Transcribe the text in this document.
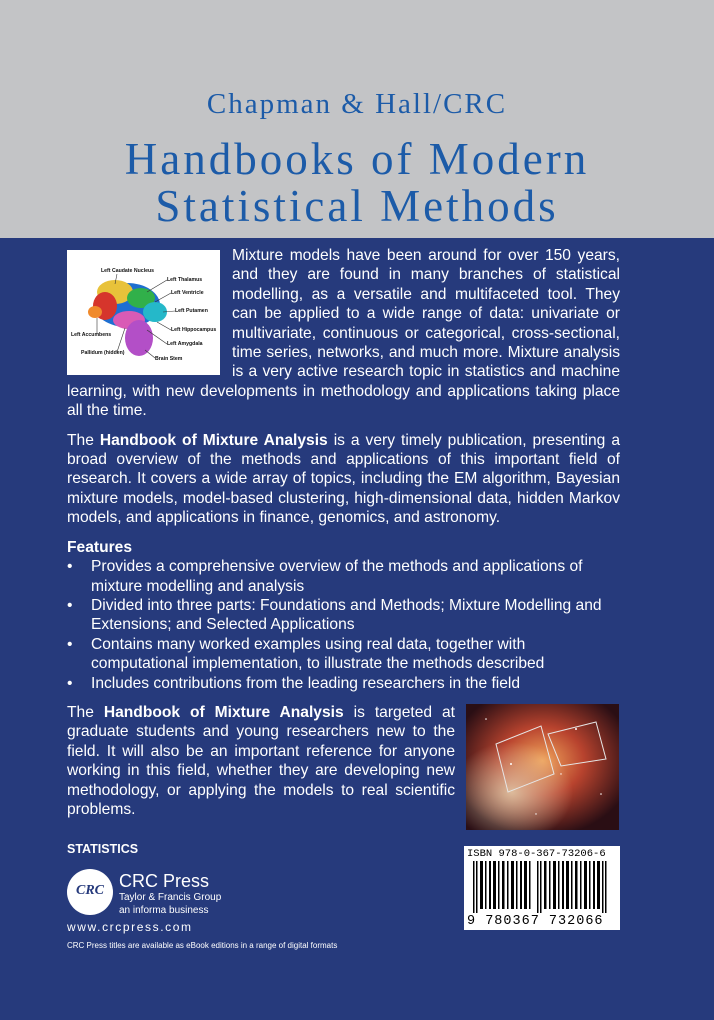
Chapman & Hall/CRC
Handbooks of Modern
Statistical Methods
Left Caudate Nucleus
Left Thalamus
Left Ventricle
Left Putamen
Left Hippocampus
Left Accumbens
Left Amygdala
Pallidum (hidden)
Brain Stem

Mixture models have been around for over 150 years, and they are found in many branches of statistical modelling, as a versatile and multifaceted tool. They can be applied to a wide range of data: univariate or multivariate, continuous or categorical, cross-sectional, time series, networks, and much more. Mixture analysis is a very active research topic in statistics and machine learning, with new developments in methodology and applications taking place all the time.

The Handbook of Mixture Analysis is a very timely publication, presenting a broad overview of the methods and applications of this important field of research. It covers a wide array of topics, including the EM algorithm, Bayesian mixture models, model-based clustering, high-dimensional data, hidden Markov models, and applications in finance, genomics, and astronomy.

Features
• Provides a comprehensive overview of the methods and applications of mixture modelling and analysis
• Divided into three parts: Foundations and Methods; Mixture Modelling and Extensions; and Selected Applications
• Contains many worked examples using real data, together with computational implementation, to illustrate the methods described
• Includes contributions from the leading researchers in the field

The Handbook of Mixture Analysis is targeted at graduate students and young researchers new to the field. It will also be an important reference for anyone working in this field, whether they are developing new methodology, or applying the models to real scientific problems.

STATISTICS
CRC CRC Press
Taylor & Francis Group
an informa business
www.crcpress.com
CRC Press titles are available as eBook editions in a range of digital formats
ISBN 978-0-367-73206-6
9 780367 732066
